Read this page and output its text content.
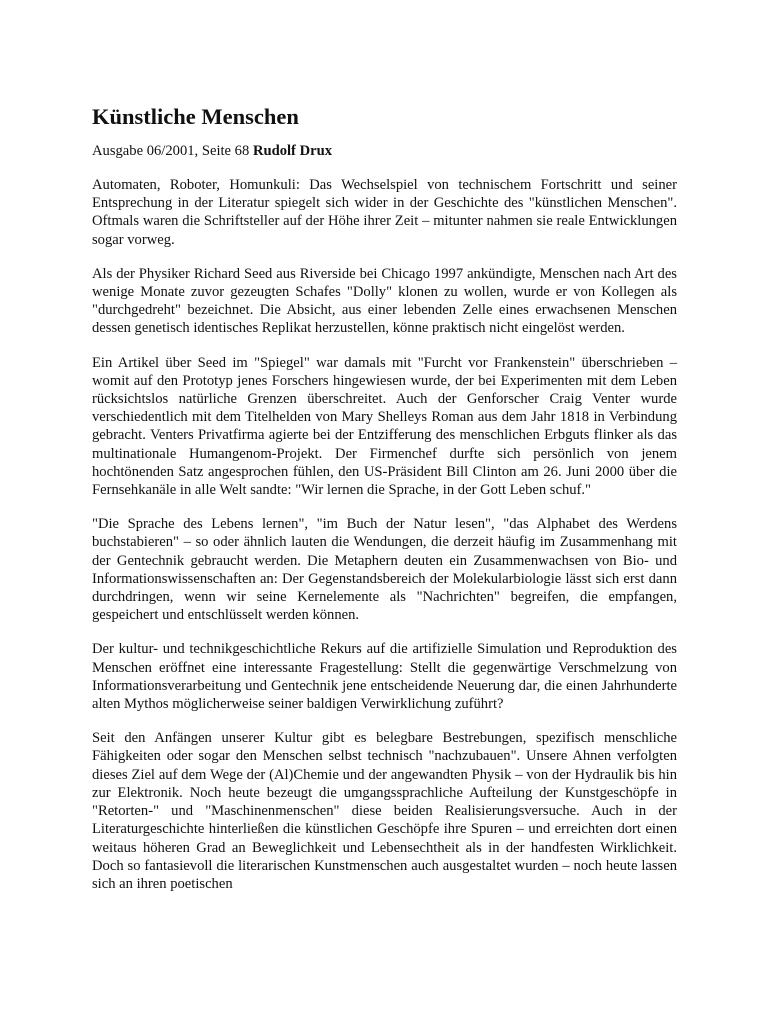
Künstliche Menschen
Ausgabe 06/2001, Seite 68 Rudolf Drux

Automaten, Roboter, Homunkuli: Das Wechselspiel von technischem Fortschritt und seiner Entsprechung in der Literatur spiegelt sich wider in der Geschichte des "künstlichen Menschen". Oftmals waren die Schriftsteller auf der Höhe ihrer Zeit – mitunter nahmen sie reale Entwicklungen sogar vorweg.

Als der Physiker Richard Seed aus Riverside bei Chicago 1997 ankündigte, Menschen nach Art des wenige Monate zuvor gezeugten Schafes "Dolly" klonen zu wollen, wurde er von Kollegen als "durchgedreht" bezeichnet. Die Absicht, aus einer lebenden Zelle eines erwachsenen Menschen dessen genetisch identisches Replikat herzustellen, könne praktisch nicht eingelöst werden.

Ein Artikel über Seed im "Spiegel" war damals mit "Furcht vor Frankenstein" überschrieben – womit auf den Prototyp jenes Forschers hingewiesen wurde, der bei Experimenten mit dem Leben rücksichtslos natürliche Grenzen überschreitet. Auch der Genforscher Craig Venter wurde verschiedentlich mit dem Titelhelden von Mary Shelleys Roman aus dem Jahr 1818 in Verbindung gebracht. Venters Privatfirma agierte bei der Entzifferung des menschlichen Erbguts flinker als das multinationale Humangenom-Projekt. Der Firmenchef durfte sich persönlich von jenem hochtönenden Satz angesprochen fühlen, den US-Präsident Bill Clinton am 26. Juni 2000 über die Fernsehkanäle in alle Welt sandte: "Wir lernen die Sprache, in der Gott Leben schuf."

"Die Sprache des Lebens lernen", "im Buch der Natur lesen", "das Alphabet des Werdens buchstabieren" – so oder ähnlich lauten die Wendungen, die derzeit häufig im Zusammenhang mit der Gentechnik gebraucht werden. Die Metaphern deuten ein Zusammenwachsen von Bio- und Informationswissenschaften an: Der Gegenstandsbereich der Molekularbiologie lässt sich erst dann durchdringen, wenn wir seine Kernelemente als "Nachrichten" begreifen, die empfangen, gespeichert und entschlüsselt werden können.

Der kultur- und technikgeschichtliche Rekurs auf die artifizielle Simulation und Reproduktion des Menschen eröffnet eine interessante Fragestellung: Stellt die gegenwärtige Verschmelzung von Informationsverarbeitung und Gentechnik jene entscheidende Neuerung dar, die einen Jahrhunderte alten Mythos möglicherweise seiner baldigen Verwirklichung zuführt?

Seit den Anfängen unserer Kultur gibt es belegbare Bestrebungen, spezifisch menschliche Fähigkeiten oder sogar den Menschen selbst technisch "nachzubauen". Unsere Ahnen verfolgten dieses Ziel auf dem Wege der (Al)Chemie und der angewandten Physik – von der Hydraulik bis hin zur Elektronik. Noch heute bezeugt die umgangssprachliche Aufteilung der Kunstgeschöpfe in "Retorten-" und "Maschinenmenschen" diese beiden Realisierungsversuche. Auch in der Literaturgeschichte hinterließen die künstlichen Geschöpfe ihre Spuren – und erreichten dort einen weitaus höheren Grad an Beweglichkeit und Lebensechtheit als in der handfesten Wirklichkeit. Doch so fantasievoll die literarischen Kunstmenschen auch ausgestaltet wurden – noch heute lassen sich an ihren poetischen
